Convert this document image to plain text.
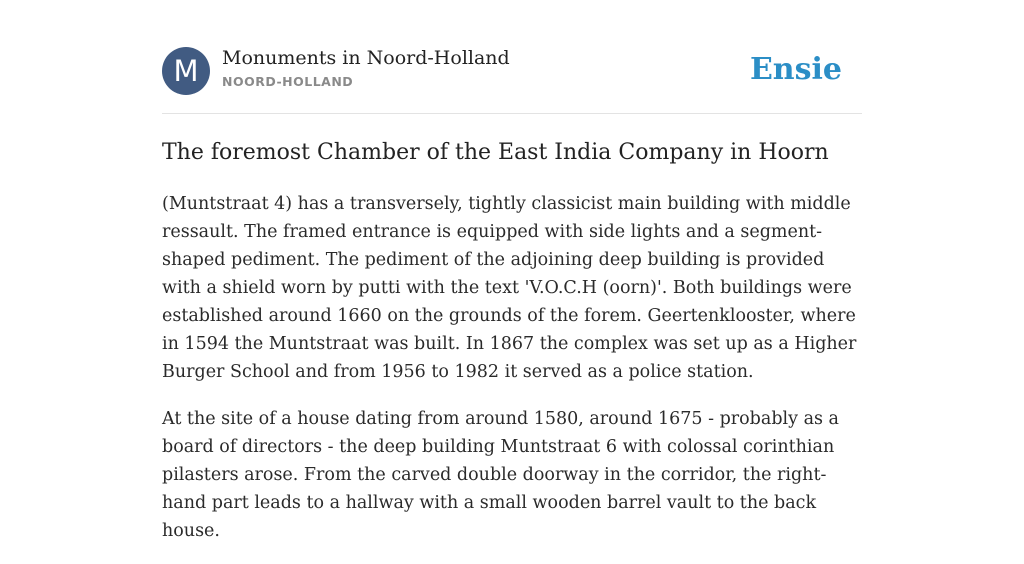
M	Monuments in Noord-Holland
NOORD-HOLLAND	Ensie
The foremost Chamber of the East India Company in Hoorn

(Muntstraat 4) has a transversely, tightly classicist main building with middle ressault. The framed entrance is equipped with side lights and a segment-shaped pediment. The pediment of the adjoining deep building is provided with a shield worn by putti with the text 'V.O.C.H (oorn)'. Both buildings were established around 1660 on the grounds of the forem. Geertenklooster, where in 1594 the Muntstraat was built. In 1867 the complex was set up as a Higher Burger School and from 1956 to 1982 it served as a police station.

At the site of a house dating from around 1580, around 1675 - probably as a board of directors - the deep building Muntstraat 6 with colossal corinthian pilasters arose. From the carved double doorway in the corridor, the right-hand part leads to a hallway with a small wooden barrel vault to the back house.
